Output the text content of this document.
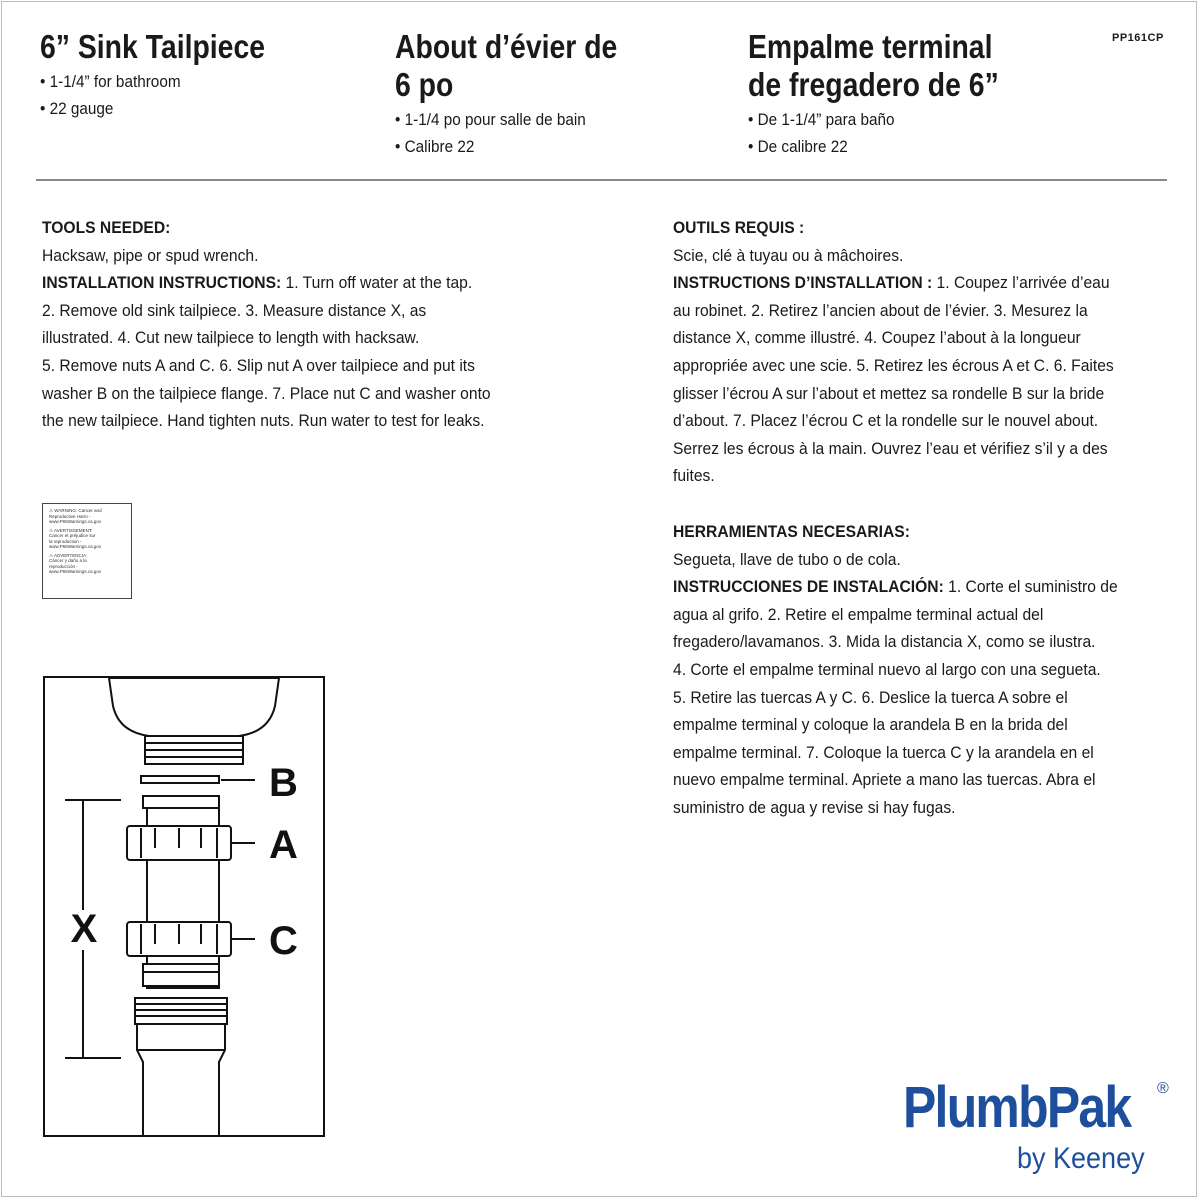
6” Sink Tailpiece
• 1-1/4” for bathroom
• 22 gauge
About d’évier de
6 po
• 1-1/4 po pour salle de bain
• Calibre 22
Empalme terminal
de fregadero de 6”
• De 1-1/4” para baño
• De calibre 22
PP161CP
TOOLS NEEDED:
Hacksaw, pipe or spud wrench.
INSTALLATION INSTRUCTIONS: 1. Turn off water at the tap.
2. Remove old sink tailpiece. 3. Measure distance X, as
illustrated. 4. Cut new tailpiece to length with hacksaw.
5. Remove nuts A and C. 6. Slip nut A over tailpiece and put its
washer B on the tailpiece flange. 7. Place nut C and washer onto
the new tailpiece. Hand tighten nuts. Run water to test for leaks.
OUTILS REQUIS :
Scie, clé à tuyau ou à mâchoires.
INSTRUCTIONS D’INSTALLATION : 1. Coupez l’arrivée d’eau
au robinet. 2. Retirez l’ancien about de l’évier. 3. Mesurez la
distance X, comme illustré. 4. Coupez l’about à la longueur
appropriée avec une scie. 5. Retirez les écrous A et C. 6. Faites
glisser l’écrou A sur l’about et mettez sa rondelle B sur la bride
d’about. 7. Placez l’écrou C et la rondelle sur le nouvel about.
Serrez les écrous à la main. Ouvrez l’eau et vérifiez s’il y a des
fuites.
HERRAMIENTAS NECESARIAS:
Segueta, llave de tubo o de cola.
INSTRUCCIONES DE INSTALACIÓN: 1. Corte el suministro de
agua al grifo. 2. Retire el empalme terminal actual del
fregadero/lavamanos. 3. Mida la distancia X, como se ilustra.
4. Corte el empalme terminal nuevo al largo con una segueta.
5. Retire las tuercas A y C. 6. Deslice la tuerca A sobre el
empalme terminal y coloque la arandela B en la brida del
empalme terminal. 7. Coloque la tuerca C y la arandela en el
nuevo empalme terminal. Apriete a mano las tuercas. Abra el
suministro de agua y revise si hay fugas.
⚠ WARNING: Cancer and
Reproductive Harm -
www.P65Warnings.ca.gov
⚠ AVERTISSEMENT:
Cancer et préjudice sur
la reproduction -
www.P65Warnings.ca.gov
⚠ ADVERTENCIA:
Cáncer y daño a la
reproducción -
www.P65Warnings.ca.gov
X
B
A
C
PlumbPak ®
by Keeney
